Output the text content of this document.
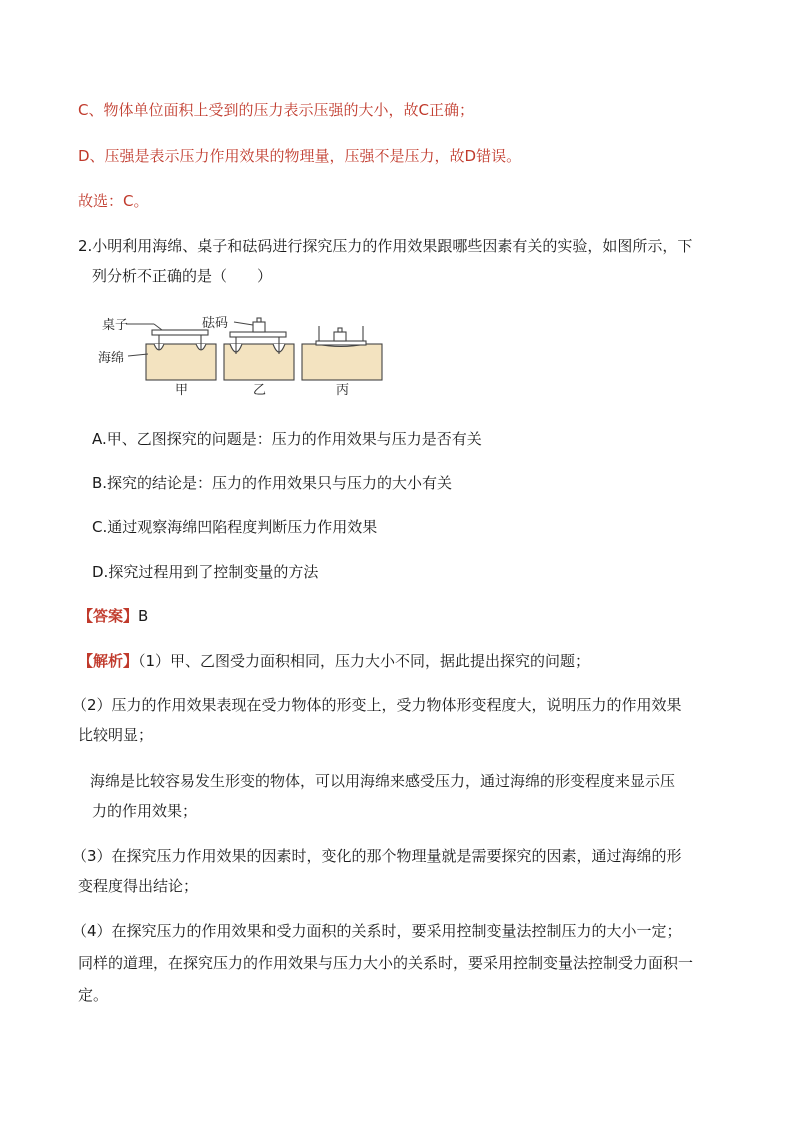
C、物体单位面积上受到的压力表示压强的大小，故C正确；
D、压强是表示压力作用效果的物理量，压强不是压力，故D错误。
故选：C。
2.小明利用海绵、桌子和砝码进行探究压力的作用效果跟哪些因素有关的实验，如图所示，下
列分析不正确的是（　　）
桌子	砝码
海绵
甲	乙	丙
A.甲、乙图探究的问题是：压力的作用效果与压力是否有关
B.探究的结论是：压力的作用效果只与压力的大小有关
C.通过观察海绵凹陷程度判断压力作用效果
D.探究过程用到了控制变量的方法
【答案】B
【解析】（1）甲、乙图受力面积相同，压力大小不同，据此提出探究的问题；
（2）压力的作用效果表现在受力物体的形变上，受力物体形变程度大，说明压力的作用效果
比较明显；
海绵是比较容易发生形变的物体，可以用海绵来感受压力，通过海绵的形变程度来显示压
力的作用效果；
（3）在探究压力作用效果的因素时，变化的那个物理量就是需要探究的因素，通过海绵的形
变程度得出结论；
（4）在探究压力的作用效果和受力面积的关系时，要采用控制变量法控制压力的大小一定；
同样的道理，在探究压力的作用效果与压力大小的关系时，要采用控制变量法控制受力面积一
定。
